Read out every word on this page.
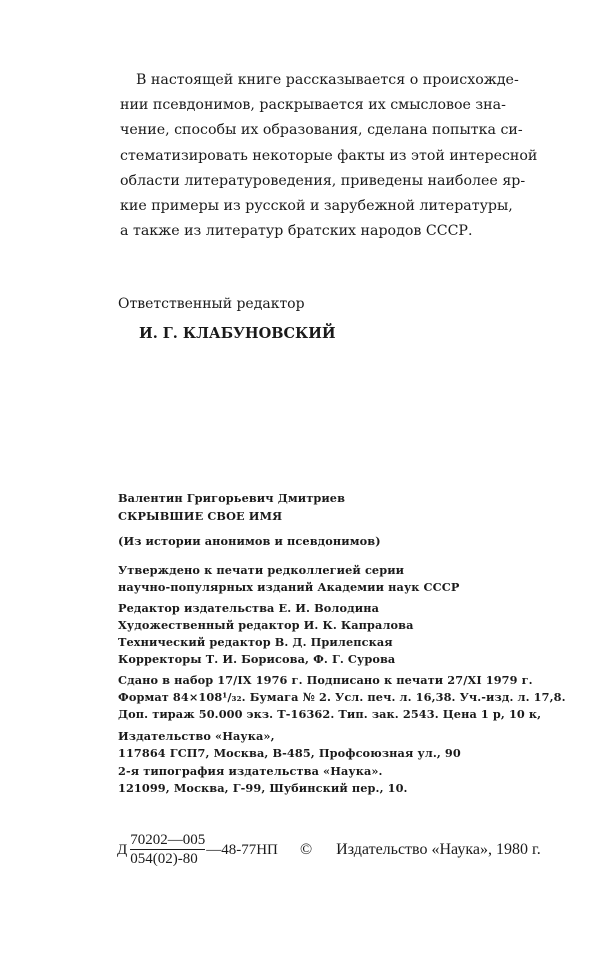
В настоящей книге рассказывается о происхожде-
нии псевдонимов, раскрывается их смысловое зна-
чение, способы их образования, сделана попытка си-
стематизировать некоторые факты из этой интересной
области литературоведения, приведены наиболее яр-
кие примеры из русской и зарубежной литературы,
а также из литератур братских народов СССР.
Ответственный редактор
И. Г. КЛАБУНОВСКИЙ
Валентин Григорьевич Дмитриев
СКРЫВШИЕ СВОЕ ИМЯ
(Из истории анонимов и псевдонимов)
Утверждено к печати редколлегией серии
научно-популярных изданий Академии наук СССР
Редактор издательства Е. И. Володина
Художественный редактор И. К. Капралова
Технический редактор В. Д. Прилепская
Корректоры Т. И. Борисова, Ф. Г. Сурова
Сдано в набор 17/IX 1976 г. Подписано к печати 27/XI 1979 г.
Формат 84×108¹/₃₂. Бумага № 2. Усл. печ. л. 16,38. Уч.-изд. л. 17,8.
Доп. тираж 50.000 экз. Т-16362. Тип. зак. 2543. Цена 1 р, 10 к,
Издательство «Наука»,
117864 ГСП7, Москва, В-485, Профсоюзная ул., 90
2-я типография издательства «Наука».
121099, Москва, Г-99, Шубинский пер., 10.
Д $\frac{70202—005}{054(02)-80}$ —48-77НП © Издательство «Наука», 1980 г.
